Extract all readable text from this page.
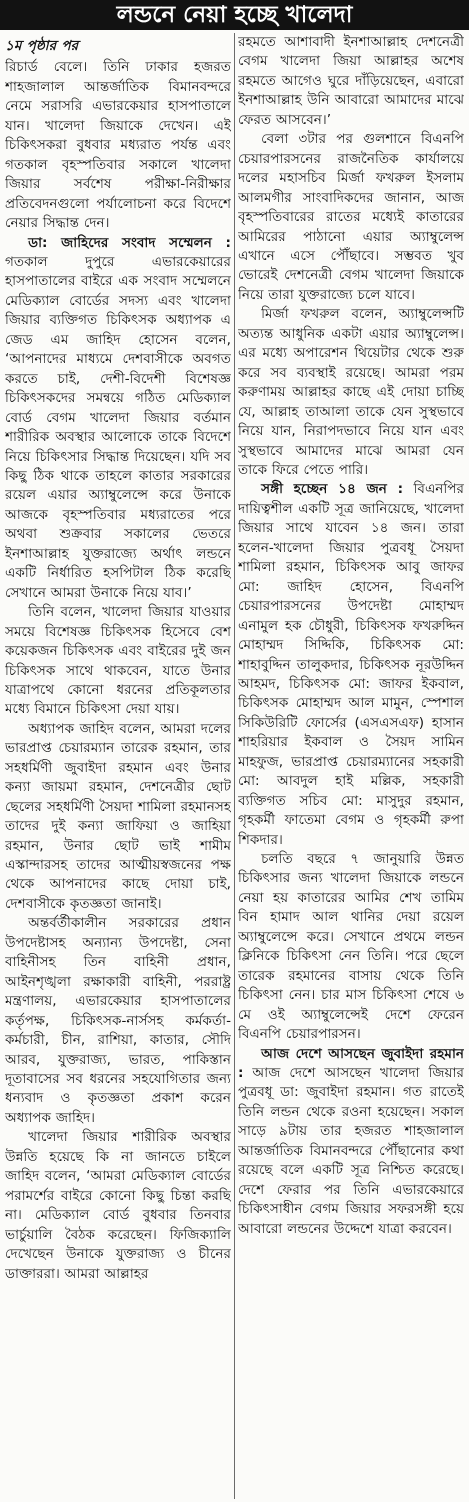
লন্ডনে নেয়া হচ্ছে খালেদা
১ম পৃষ্ঠার পর

রিচার্ড বেলে। তিনি ঢাকার হজরত শাহজালাল আন্তর্জাতিক বিমানবন্দরে নেমে সরাসরি এভারকেয়ার হাসপাতালে যান। খালেদা জিয়াকে দেখেন। এই চিকিৎসকরা বুধবার মধ্যরাত পর্যন্ত এবং গতকাল বৃহস্পতিবার সকালে খালেদা জিয়ার সর্বশেষ পরীক্ষা-নিরীক্ষার প্রতিবেদনগুলো পর্যালোচনা করে বিদেশে নেয়ার সিদ্ধান্ত দেন।

ডা: জাহিদের সংবাদ সম্মেলন : গতকাল দুপুরে এভারকেয়ারের হাসপাতালের বাইরে এক সংবাদ সম্মেলনে মেডিক্যাল বোর্ডের সদস্য এবং খালেদা জিয়ার ব্যক্তিগত চিকিৎসক অধ্যাপক এ জেড এম জাহিদ হোসেন বলেন, ‘আপনাদের মাধ্যমে দেশবাসীকে অবগত করতে চাই, দেশী-বিদেশী বিশেষজ্ঞ চিকিৎসকদের সমন্বয়ে গঠিত মেডিক্যাল বোর্ড বেগম খালেদা জিয়ার বর্তমান শারীরিক অবস্থার আলোকে তাকে বিদেশে নিয়ে চিকিৎসার সিদ্ধান্ত দিয়েছেন। যদি সব কিছু ঠিক থাকে তাহলে কাতার সরকারের রয়েল এয়ার অ্যাম্বুলেন্সে করে উনাকে আজকে বৃহস্পতিবার মধ্যরাতের পরে অথবা শুক্রবার সকালের ভেতরে ইনশাআল্লাহ যুক্তরাজ্যে অর্থাৎ লন্ডনে একটি নির্ধারিত হসপিটাল ঠিক করেছি সেখানে আমরা উনাকে নিয়ে যাব।’

তিনি বলেন, খালেদা জিয়ার যাওয়ার সময়ে বিশেষজ্ঞ চিকিৎসক হিসেবে বেশ কয়েকজন চিকিৎসক এবং বাইরের দুই জন চিকিৎসক সাথে থাকবেন, যাতে উনার যাত্রাপথে কোনো ধরনের প্রতিকূলতার মধ্যে বিমানে চিকিৎসা দেয়া যায়।

অধ্যাপক জাহিদ বলেন, আমরা দলের ভারপ্রাপ্ত চেয়ারম্যান তারেক রহমান, তার সহধর্মিণী জুবাইদা রহমান এবং উনার কন্যা জায়মা রহমান, দেশনেত্রীর ছোট ছেলের সহধর্মিণী সৈয়দা শামিলা রহমানসহ তাদের দুই কন্যা জাফিয়া ও জাহিয়া রহমান, উনার ছোট ভাই শামীম এস্কান্দারসহ তাদের আত্মীয়স্বজনের পক্ষ থেকে আপনাদের কাছে দোয়া চাই, দেশবাসীকে কৃতজ্ঞতা জানাই।

অন্তর্বর্তীকালীন সরকারের প্রধান উপদেষ্টাসহ অন্যান্য উপদেষ্টা, সেনা বাহিনীসহ তিন বাহিনী প্রধান, আইনশৃঙ্খলা রক্ষাকারী বাহিনী, পররাষ্ট্র মন্ত্রণালয়, এভারকেয়ার হাসপাতালের কর্তৃপক্ষ, চিকিৎসক-নার্সসহ কর্মকর্তা-কর্মচারী, চীন, রাশিয়া, কাতার, সৌদি আরব, যুক্তরাজ্য, ভারত, পাকিস্তান দূতাবাসের সব ধরনের সহযোগিতার জন্য ধন্যবাদ ও কৃতজ্ঞতা প্রকাশ করেন অধ্যাপক জাহিদ।

খালেদা জিয়ার শারীরিক অবস্থার উন্নতি হয়েছে কি না জানতে চাইলে জাহিদ বলেন, ‘আমরা মেডিক্যাল বোর্ডের পরামর্শের বাইরে কোনো কিছু চিন্তা করছি না। মেডিক্যাল বোর্ড বুধবার তিনবার ভার্চুয়ালি বৈঠক করেছেন। ফিজিক্যালি দেখেছেন উনাকে যুক্তরাজ্য ও চীনের ডাক্তাররা। আমরা আল্লাহর

রহমতে আশাবাদী ইনশাআল্লাহ দেশনেত্রী বেগম খালেদা জিয়া আল্লাহর অশেষ রহমতে আগেও ঘুরে দাঁড়িয়েছেন, এবারো ইনশাআল্লাহ উনি আবারো আমাদের মাঝে ফেরত আসবেন।’

বেলা ৩টার পর গুলশানে বিএনপি চেয়ারপারসনের রাজনৈতিক কার্যালয়ে দলের মহাসচিব মির্জা ফখরুল ইসলাম আলমগীর সাংবাদিকদের জানান, আজ বৃহস্পতিবারের রাতের মধ্যেই কাতারের আমিরের পাঠানো এয়ার অ্যাম্বুলেন্স এখানে এসে পৌঁছাবে। সম্ভবত খুব ভোরেই দেশনেত্রী বেগম খালেদা জিয়াকে নিয়ে তারা যুক্তরাজ্যে চলে যাবে।

মির্জা ফখরুল বলেন, অ্যাম্বুলেন্সটি অত্যন্ত আধুনিক একটা এয়ার অ্যাম্বুলেন্স। এর মধ্যে অপারেশন থিয়েটার থেকে শুরু করে সব ব্যবস্থাই রয়েছে। আমরা পরম করুণাময় আল্লাহর কাছে এই দোয়া চাচ্ছি যে, আল্লাহ তাআলা তাকে যেন সুস্থভাবে নিয়ে যান, নিরাপদভাবে নিয়ে যান এবং সুস্থভাবে আমাদের মাঝে আমরা যেন তাকে ফিরে পেতে পারি।

সঙ্গী হচ্ছেন ১৪ জন : বিএনপির দায়িত্বশীল একটি সূত্র জানিয়েছে, খালেদা জিয়ার সাথে যাবেন ১৪ জন। তারা হলেন-খালেদা জিয়ার পুত্রবধূ সৈয়দা শামিলা রহমান, চিকিৎসক আবু জাফর মো: জাহিদ হোসেন, বিএনপি চেয়ারপারসনের উপদেষ্টা মোহাম্মদ এনামুল হক চৌধুরী, চিকিৎসক ফখরুদ্দিন মোহাম্মদ সিদ্দিকি, চিকিৎসক মো: শাহাবুদ্দিন তালুকদার, চিকিৎসক নূরউদ্দিন আহমদ, চিকিৎসক মো: জাফর ইকবাল, চিকিৎসক মোহাম্মদ আল মামুন, স্পেশাল সিকিউরিটি ফোর্সের (এসএসএফ) হাসান শাহরিয়ার ইকবাল ও সৈয়দ সামিন মাহফুজ, ভারপ্রাপ্ত চেয়ারম্যানের সহকারী মো: আবদুল হাই মল্লিক, সহকারী ব্যক্তিগত সচিব মো: মাসুদুর রহমান, গৃহকর্মী ফাতেমা বেগম ও গৃহকর্মী রুপা শিকদার।

চলতি বছরে ৭ জানুয়ারি উন্নত চিকিৎসার জন্য খালেদা জিয়াকে লন্ডনে নেয়া হয় কাতারের আমির শেখ তামিম বিন হামাদ আল থানির দেয়া রয়েল অ্যাম্বুলেন্সে করে। সেখানে প্রথমে লন্ডন ক্লিনিকে চিকিৎসা নেন তিনি। পরে ছেলে তারেক রহমানের বাসায় থেকে তিনি চিকিৎসা নেন। চার মাস চিকিৎসা শেষে ৬ মে ওই অ্যাম্বুলেন্সেই দেশে ফেরেন বিএনপি চেয়ারপারসন।

আজ দেশে আসছেন জুবাইদা রহমান : আজ দেশে আসছেন খালেদা জিয়ার পুত্রবধূ ডা: জুবাইদা রহমান। গত রাতেই তিনি লন্ডন থেকে রওনা হয়েছেন। সকাল সাড়ে ৯টায় তার হজরত শাহজালাল আন্তর্জাতিক বিমানবন্দরে পৌঁছানোর কথা রয়েছে বলে একটি সূত্র নিশ্চিত করেছে। দেশে ফেরার পর তিনি এভারকেয়ারে চিকিৎসাধীন বেগম জিয়ার সফরসঙ্গী হয়ে আবারো লন্ডনের উদ্দেশে যাত্রা করবেন।
